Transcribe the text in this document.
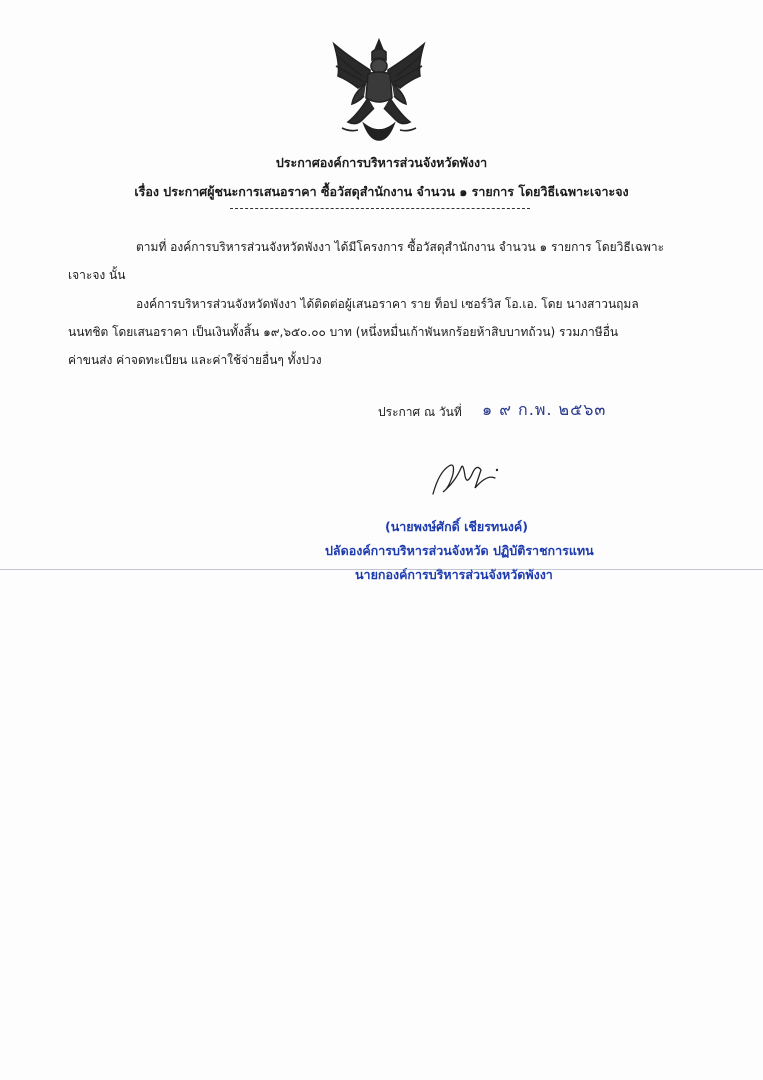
ประกาศองค์การบริหารส่วนจังหวัดพังงา
เรื่อง ประกาศผู้ชนะการเสนอราคา ซื้อวัสดุสำนักงาน จำนวน ๑ รายการ โดยวิธีเฉพาะเจาะจง
ตามที่ องค์การบริหารส่วนจังหวัดพังงา ได้มีโครงการ ซื้อวัสดุสำนักงาน จำนวน ๑ รายการ โดยวิธีเฉพาะ
เจาะจง นั้น
องค์การบริหารส่วนจังหวัดพังงา ได้ติดต่อผู้เสนอราคา ราย ท็อป เซอร์วิส โอ.เอ. โดย นางสาวนฤมล
นนทชิต โดยเสนอราคา เป็นเงินทั้งสิ้น ๑๙,๖๕๐.๐๐ บาท (หนึ่งหมื่นเก้าพันหกร้อยห้าสิบบาทถ้วน) รวมภาษีอื่น
ค่าขนส่ง ค่าจดทะเบียน และค่าใช้จ่ายอื่นๆ ทั้งปวง
ประกาศ ณ วันที่ ๑ ๙ ก.พ. ๒๕๖๓
(นายพงษ์ศักดิ์ เชียรทนงค์)
ปลัดองค์การบริหารส่วนจังหวัด ปฏิบัติราชการแทน
นายกองค์การบริหารส่วนจังหวัดพังงา
